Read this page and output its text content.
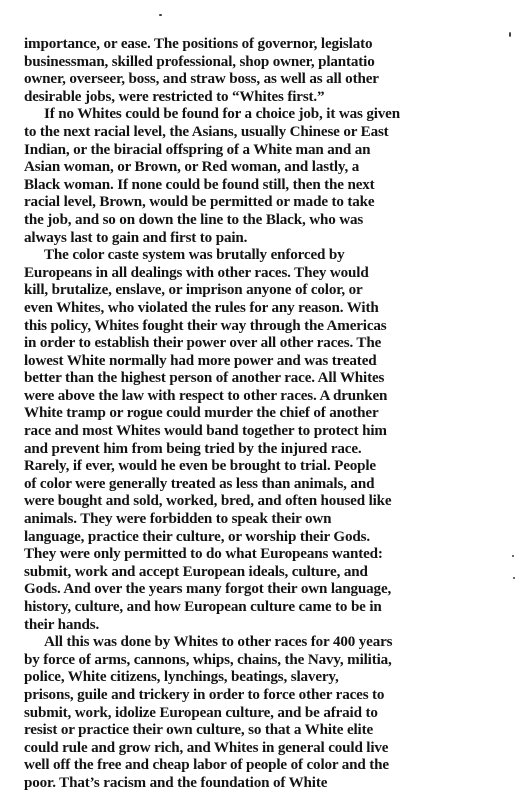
importance, or ease. The positions of governor, legislato
businessman, skilled professional, shop owner, plantatio
owner, overseer, boss, and straw boss, as well as all other
desirable jobs, were restricted to “Whites first.”
If no Whites could be found for a choice job, it was given
to the next racial level, the Asians, usually Chinese or East
Indian, or the biracial offspring of a White man and an
Asian woman, or Brown, or Red woman, and lastly, a
Black woman. If none could be found still, then the next
racial level, Brown, would be permitted or made to take
the job, and so on down the line to the Black, who was
always last to gain and first to pain.
The color caste system was brutally enforced by
Europeans in all dealings with other races. They would
kill, brutalize, enslave, or imprison anyone of color, or
even Whites, who violated the rules for any reason. With
this policy, Whites fought their way through the Americas
in order to establish their power over all other races. The
lowest White normally had more power and was treated
better than the highest person of another race. All Whites
were above the law with respect to other races. A drunken
White tramp or rogue could murder the chief of another
race and most Whites would band together to protect him
and prevent him from being tried by the injured race.
Rarely, if ever, would he even be brought to trial. People
of color were generally treated as less than animals, and
were bought and sold, worked, bred, and often housed like
animals. They were forbidden to speak their own
language, practice their culture, or worship their Gods.
They were only permitted to do what Europeans wanted:
submit, work and accept European ideals, culture, and
Gods. And over the years many forgot their own language,
history, culture, and how European culture came to be in
their hands.
All this was done by Whites to other races for 400 years
by force of arms, cannons, whips, chains, the Navy, militia,
police, White citizens, lynchings, beatings, slavery,
prisons, guile and trickery in order to force other races to
submit, work, idolize European culture, and be afraid to
resist or practice their own culture, so that a White elite
could rule and grow rich, and Whites in general could live
well off the free and cheap labor of people of color and the
poor. That’s racism and the foundation of White
